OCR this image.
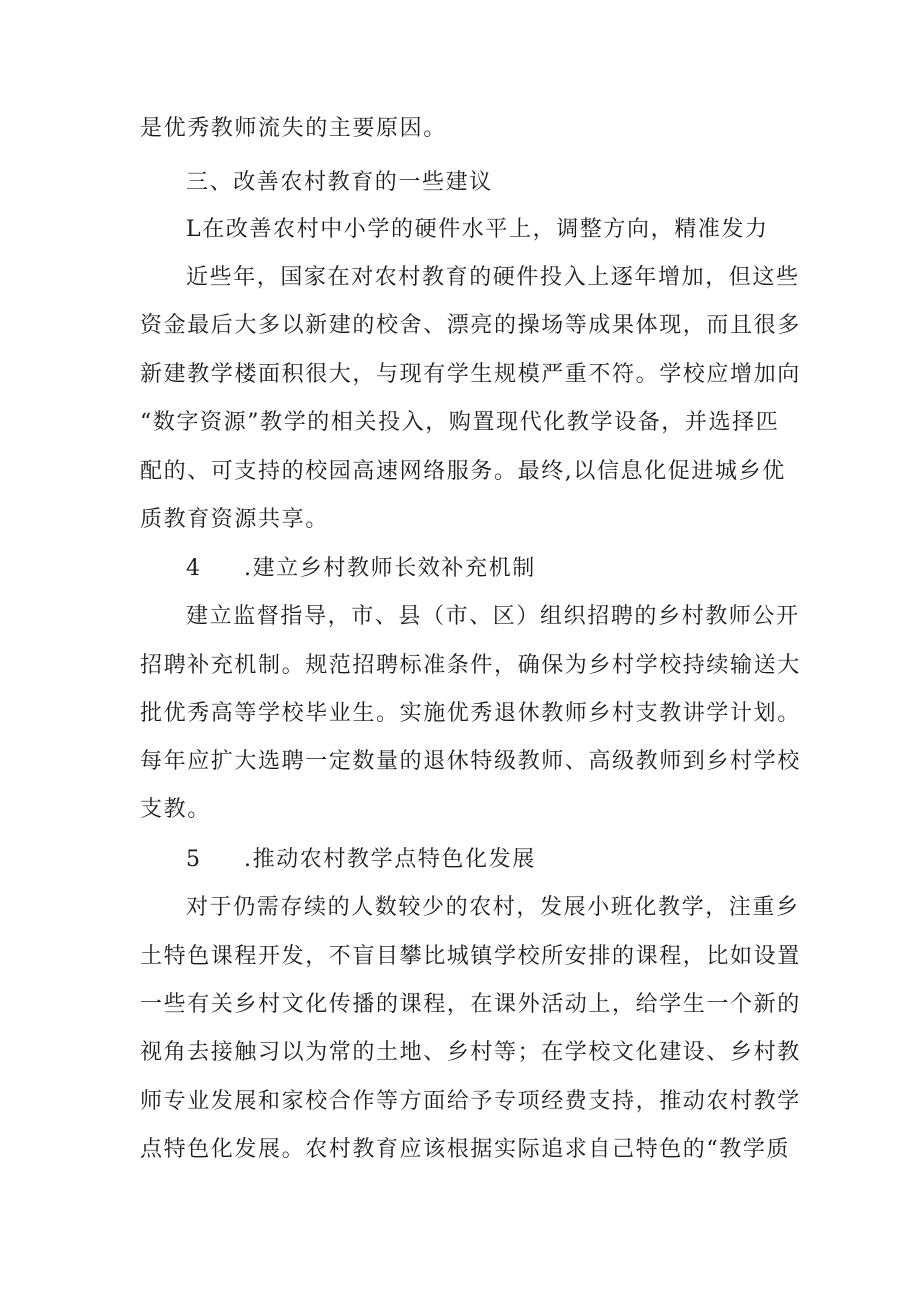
是优秀教师流失的主要原因。
三、改善农村教育的一些建议
L在改善农村中小学的硬件水平上，调整方向，精准发力
近些年，国家在对农村教育的硬件投入上逐年增加，但这些
资金最后大多以新建的校舍、漂亮的操场等成果体现，而且很多
新建教学楼面积很大，与现有学生规模严重不符。学校应增加向
“数字资源”教学的相关投入，购置现代化教学设备，并选择匹
配的、可支持的校园高速网络服务。最终,以信息化促进城乡优
质教育资源共享。
4 .建立乡村教师长效补充机制
建立监督指导，市、县（市、区）组织招聘的乡村教师公开
招聘补充机制。规范招聘标准条件，确保为乡村学校持续输送大
批优秀高等学校毕业生。实施优秀退休教师乡村支教讲学计划。
每年应扩大选聘一定数量的退休特级教师、高级教师到乡村学校
支教。
5 .推动农村教学点特色化发展
对于仍需存续的人数较少的农村，发展小班化教学，注重乡
土特色课程开发，不盲目攀比城镇学校所安排的课程，比如设置
一些有关乡村文化传播的课程，在课外活动上，给学生一个新的
视角去接触习以为常的土地、乡村等；在学校文化建设、乡村教
师专业发展和家校合作等方面给予专项经费支持，推动农村教学
点特色化发展。农村教育应该根据实际追求自己特色的“教学质
